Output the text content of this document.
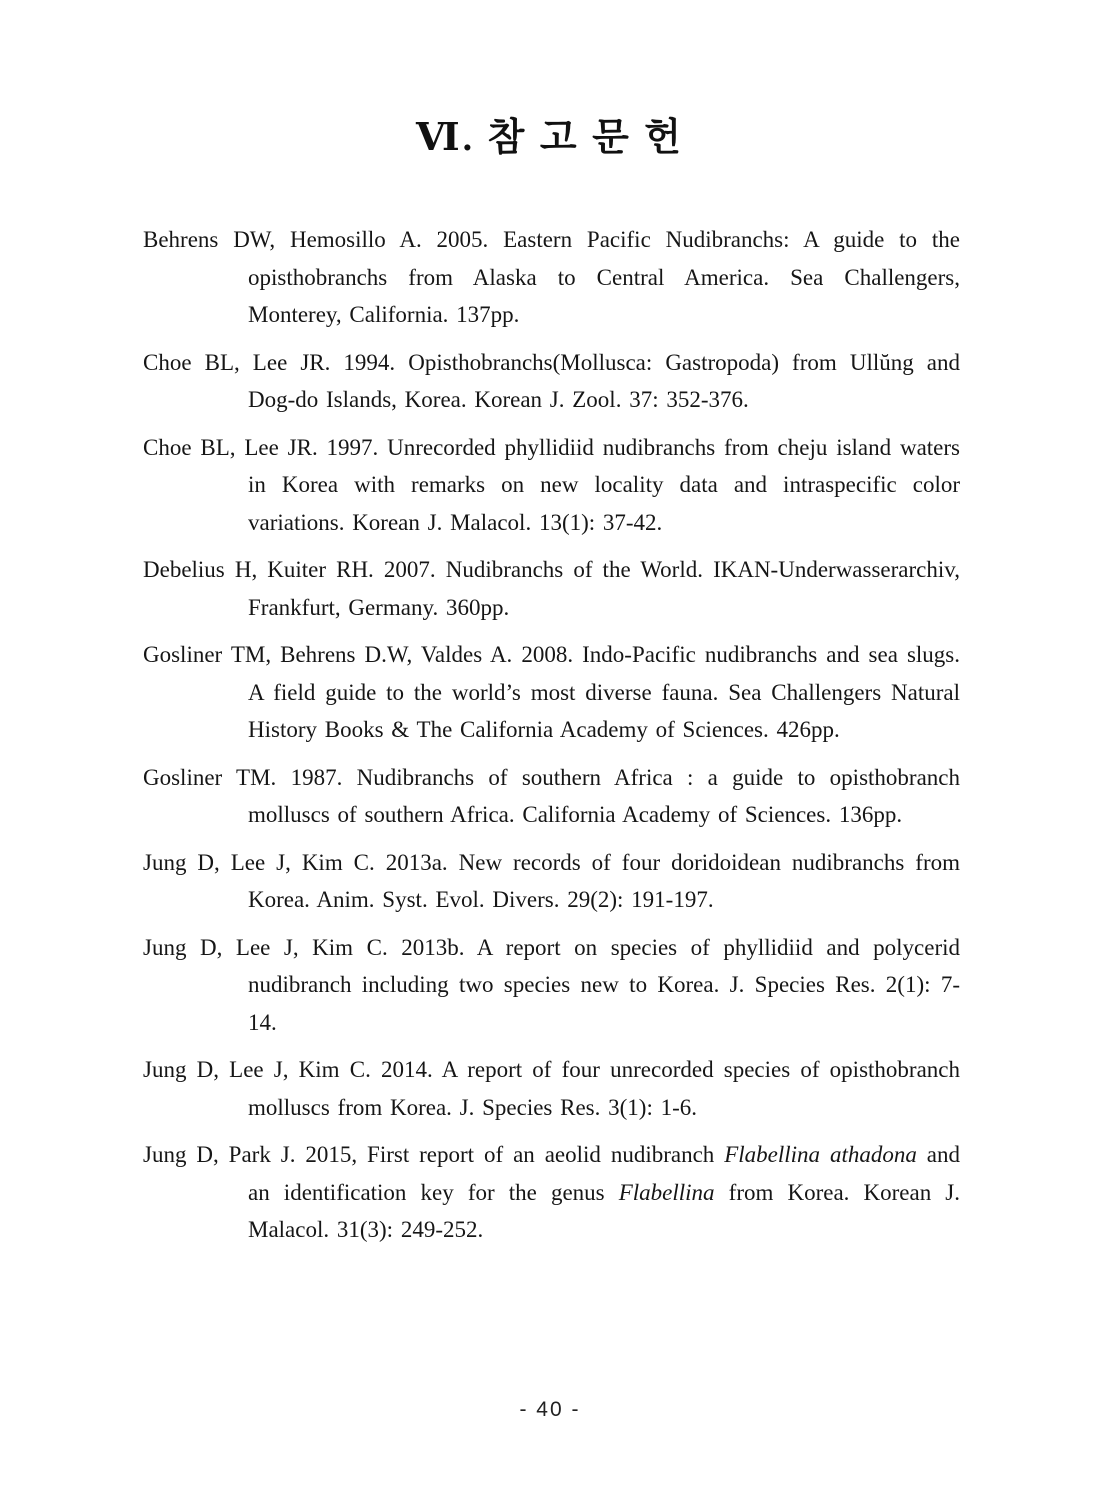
Ⅵ. 참 고 문 헌

Behrens DW, Hemosillo A. 2005. Eastern Pacific Nudibranchs: A guide to the opisthobranchs from Alaska to Central America. Sea Challengers, Monterey, California. 137pp.

Choe BL, Lee JR. 1994. Opisthobranchs(Mollusca: Gastropoda) from Ullŭng and Dog-do Islands, Korea. Korean J. Zool. 37: 352-376.

Choe BL, Lee JR. 1997. Unrecorded phyllidiid nudibranchs from cheju island waters in Korea with remarks on new locality data and intraspecific color variations. Korean J. Malacol. 13(1): 37-42.

Debelius H, Kuiter RH. 2007. Nudibranchs of the World. IKAN-Underwasserarchiv, Frankfurt, Germany. 360pp.

Gosliner TM, Behrens D.W, Valdes A. 2008. Indo-Pacific nudibranchs and sea slugs. A field guide to the world’s most diverse fauna. Sea Challengers Natural History Books & The California Academy of Sciences. 426pp.

Gosliner TM. 1987. Nudibranchs of southern Africa : a guide to opisthobranch molluscs of southern Africa. California Academy of Sciences. 136pp.

Jung D, Lee J, Kim C. 2013a. New records of four doridoidean nudibranchs from Korea. Anim. Syst. Evol. Divers. 29(2): 191-197.

Jung D, Lee J, Kim C. 2013b. A report on species of phyllidiid and polycerid nudibranch including two species new to Korea. J. Species Res. 2(1): 7-14.

Jung D, Lee J, Kim C. 2014. A report of four unrecorded species of opisthobranch molluscs from Korea. J. Species Res. 3(1): 1-6.

Jung D, Park J. 2015, First report of an aeolid nudibranch Flabellina athadona and an identification key for the genus Flabellina from Korea. Korean J. Malacol. 31(3): 249-252.

- 40 -
